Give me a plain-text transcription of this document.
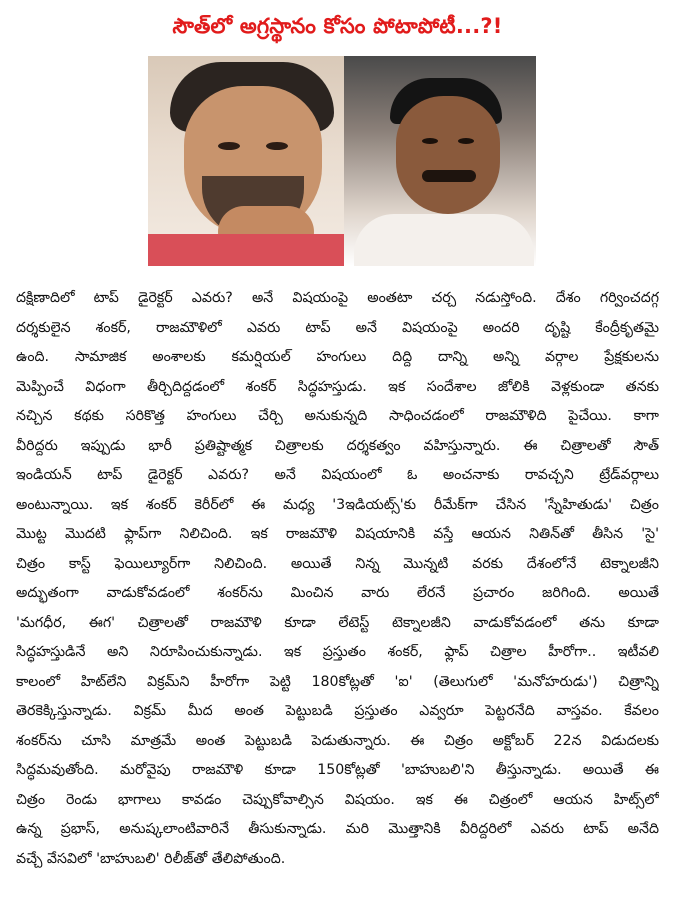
సౌత్‌లో అగ్రస్థానం కోసం పోటాపోటీ...?!
దక్షిణాదిలో టాప్ డైరెక్టర్ ఎవరు? అనే విషయంపై అంతటా చర్చ నడుస్తోంది. దేశం గర్వించదగ్గ
దర్శకులైన శంకర్, రాజమౌళిలో ఎవరు టాప్ అనే విషయంపై అందరి దృష్టి కేంద్రీకృతమై
ఉంది. సామాజిక అంశాలకు కమర్షియల్ హంగులు దిద్ది దాన్ని అన్ని వర్గాల ప్రేక్షకులను
మెప్పించే విధంగా తీర్చిదిద్దడంలో శంకర్ సిద్ధహస్తుడు. ఇక సందేశాల జోలికి వెళ్లకుండా తనకు
నచ్చిన కథకు సరికొత్త హంగులు చేర్చి అనుకున్నది సాధించడంలో రాజమౌళిది పైచేయి. కాగా
వీరిద్దరు ఇప్పుడు భారీ ప్రతిష్టాత్మక చిత్రాలకు దర్శకత్వం వహిస్తున్నారు. ఈ చిత్రాలతో సౌత్
ఇండియన్ టాప్ డైరెక్టర్ ఎవరు? అనే విషయంలో ఓ అంచనాకు రావచ్చని ట్రేడ్‌వర్గాలు
అంటున్నాయి. ఇక శంకర్ కెరీర్‌లో ఈ మధ్య '3ఇడియట్స్'కు రీమేక్‌గా చేసిన 'స్నేహితుడు' చిత్రం
మొట్ట మొదటి ఫ్లాప్‌గా నిలిచింది. ఇక రాజమౌళి విషయానికి వస్తే ఆయన నితిన్‌తో తీసిన 'సై'
చిత్రం కాస్ట్ ఫెయిల్యూర్‌గా నిలిచింది. అయితే నిన్న మొన్నటి వరకు దేశంలోనే టెక్నాలజీని
అద్భుతంగా వాడుకోవడంలో శంకర్‌ను మించిన వారు లేరనే ప్రచారం జరిగింది. అయితే
'మగధీర, ఈగ' చిత్రాలతో రాజమౌళి కూడా లేటెస్ట్ టెక్నాలజీని వాడుకోవడంలో తను కూడా
సిద్ధహస్తుడినే అని నిరూపించుకున్నాడు. ఇక ప్రస్తుతం శంకర్, ఫ్లాప్ చిత్రాల హీరోగా.. ఇటీవలి
కాలంలో హిట్‌లేని విక్రమ్‌ని హీరోగా పెట్టి 180కోట్లతో 'ఐ' (తెలుగులో 'మనోహరుడు') చిత్రాన్ని
తెరకెక్కిస్తున్నాడు. విక్రమ్ మీద అంత పెట్టుబడి ప్రస్తుతం ఎవ్వరూ పెట్టరనేది వాస్తవం. కేవలం
శంకర్‌ను చూసి మాత్రమే అంత పెట్టుబడి పెడుతున్నారు. ఈ చిత్రం అక్టోబర్ 22న విడుదలకు
సిద్ధమవుతోంది. మరోవైపు రాజమౌళి కూడా 150కోట్లతో 'బాహుబలి'ని తీస్తున్నాడు. అయితే ఈ
చిత్రం రెండు భాగాలు కావడం చెప్పుకోవాల్సిన విషయం. ఇక ఈ చిత్రంలో ఆయన హిట్స్‌లో
ఉన్న ప్రభాస్, అనుష్కలాంటివారినే తీసుకున్నాడు. మరి మొత్తానికి వీరిద్దరిలో ఎవరు టాప్ అనేది
వచ్చే వేసవిలో 'బాహుబలి' రిలీజ్‌తో తేలిపోతుంది.
